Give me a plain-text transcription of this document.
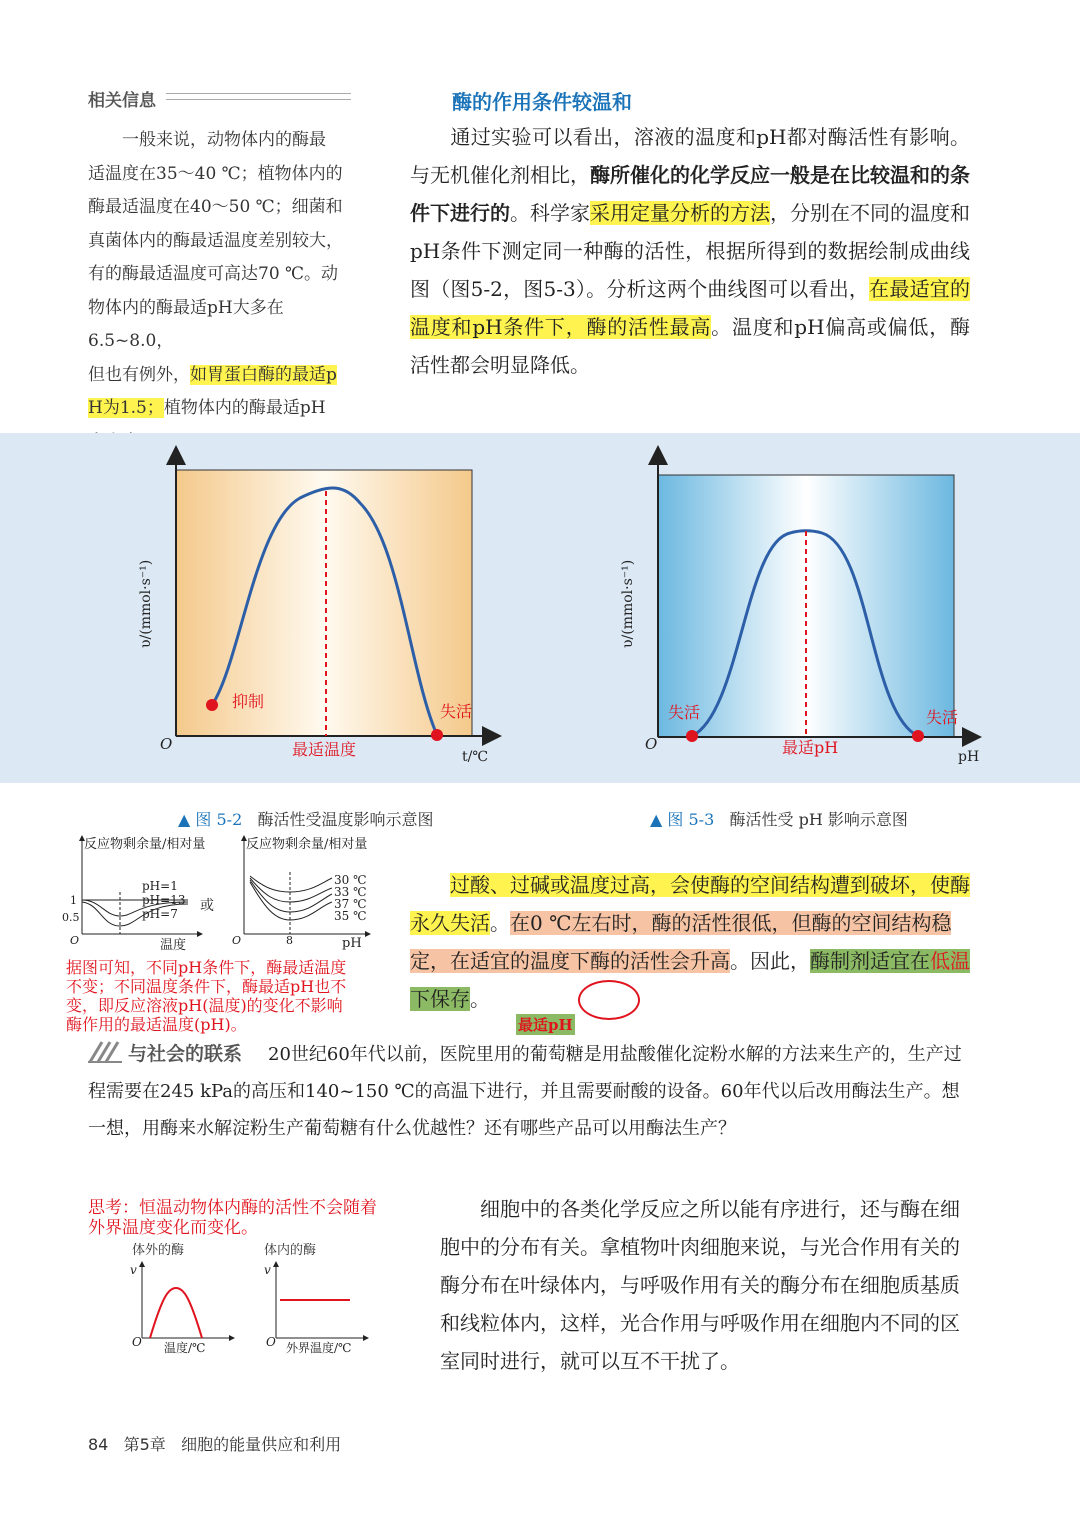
相关信息
一般来说，动物体内的酶最
适温度在35～40 ℃；植物体内的
酶最适温度在40～50 ℃；细菌和
真菌体内的酶最适温度差别较大，
有的酶最适温度可高达70 ℃。动
物体内的酶最适pH大多在6.5~8.0，
但也有例外，如胃蛋白酶的最适p
H为1.5；植物体内的酶最适pH
酶的作用条件较温和
通过实验可以看出，溶液的温度和pH都对酶活性有影响。与无机催化剂相比，酶所催化的化学反应一般是在比较温和的条件下进行的。科学家采用定量分析的方法，分别在不同的温度和pH条件下测定同一种酶的活性，根据所得到的数据绘制成曲线图（图5-2，图5-3）。分析这两个曲线图可以看出，在最适宜的温度和pH条件下，酶的活性最高。温度和pH偏高或偏低，酶活性都会明显降低。
υ/(mmol·s⁻¹)
O
t/℃
抑制
失活
最适温度
υ/(mmol·s⁻¹)
O
pH
失活	失活
最适pH
▲ 图 5-2 酶活性受温度影响示意图	▲ 图 5-3 酶活性受 pH 影响示意图
反应物剩余量/相对量
1
0.5
O	温度
pH=1
pH=13
pH=7 或
反应物剩余量/相对量
O	8	pH
30 ℃
33 ℃
37 ℃
35 ℃
据图可知，不同pH条件下，酶最适温度
不变；不同温度条件下，酶最适pH也不
变，即反应溶液pH(温度)的变化不影响
酶作用的最适温度(pH)。
过酸、过碱或温度过高，会使酶的空间结构遭到破坏，使酶永久失活。在0 ℃左右时，酶的活性很低，但酶的空间结构稳定，在适宜的温度下酶的活性会升高。因此，酶制剂适宜在低温下保存。
最适pH
与社会的联系	20世纪60年代以前，医院里用的葡萄糖是用盐酸催化淀粉水解的方法来生产的，生产过程需要在245 kPa的高压和140~150 ℃的高温下进行，并且需要耐酸的设备。60年代以后改用酶法生产。想一想，用酶来水解淀粉生产葡萄糖有什么优越性？还有哪些产品可以用酶法生产？
思考：恒温动物体内酶的活性不会随着
外界温度变化而变化。
体外的酶
v
O 温度/℃
体内的酶
v
O 外界温度/℃
细胞中的各类化学反应之所以能有序进行，还与酶在细胞中的分布有关。拿植物叶肉细胞来说，与光合作用有关的酶分布在叶绿体内，与呼吸作用有关的酶分布在细胞质基质和线粒体内，这样，光合作用与呼吸作用在细胞内不同的区室同时进行，就可以互不干扰了。
84 第5章 细胞的能量供应和利用
